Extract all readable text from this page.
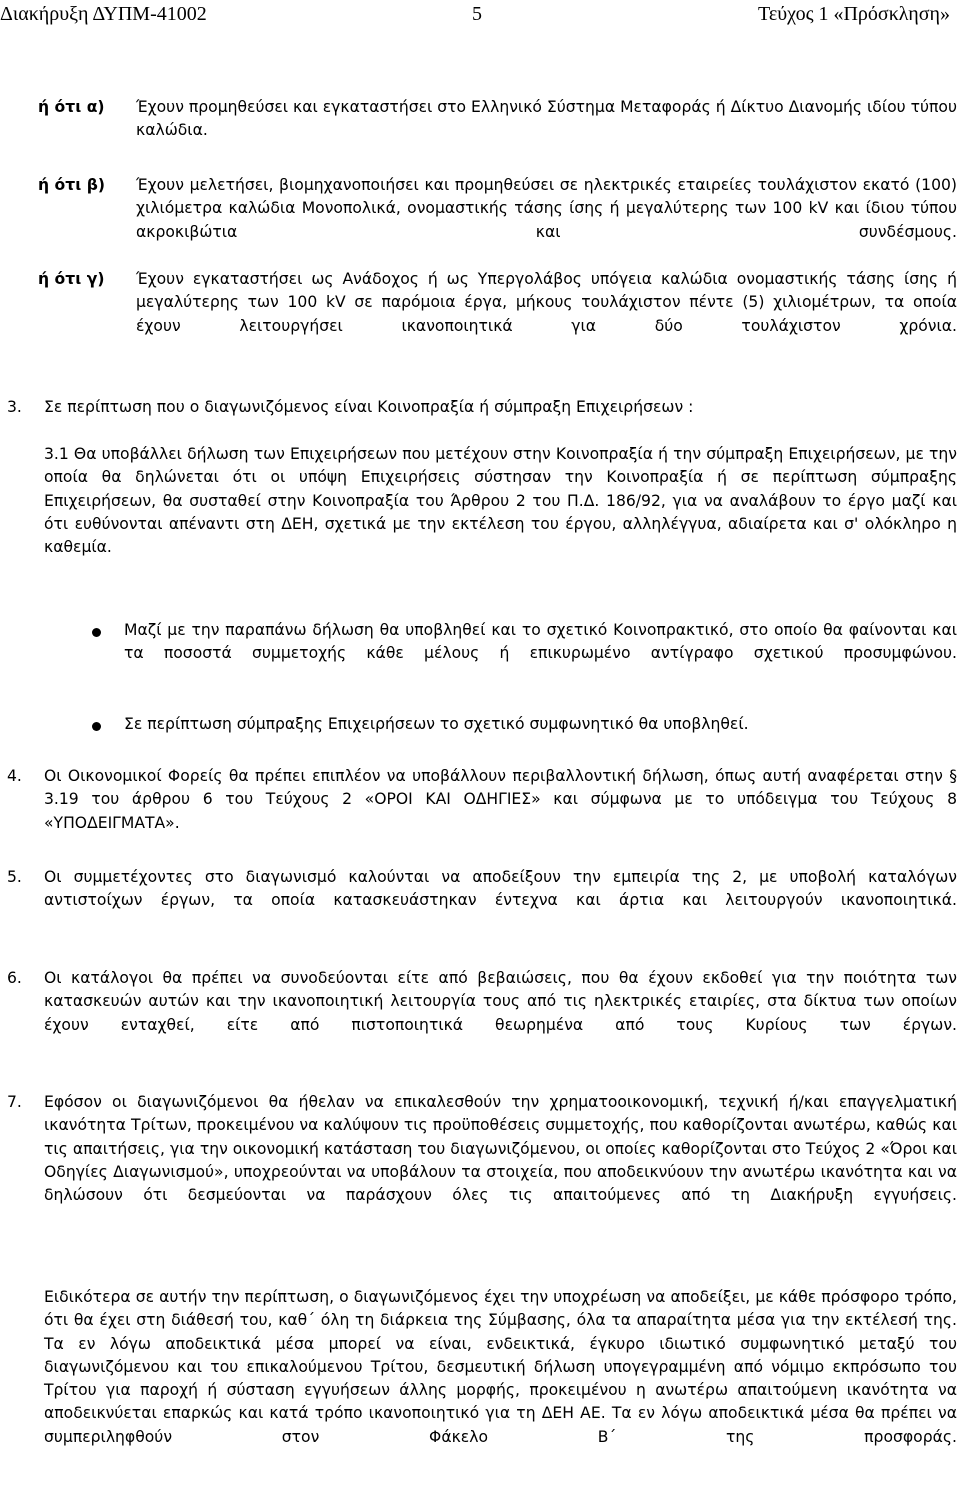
Διακήρυξη ΔΥΠΜ-41002	5	Τεύχος 1 «Πρόσκληση»
ή ότι α) Έχουν προμηθεύσει και εγκαταστήσει στο Ελληνικό Σύστημα Μεταφοράς ή Δίκτυο Διανομής ιδίου τύπου καλώδια.
ή ότι β) Έχουν μελετήσει, βιομηχανοποιήσει και προμηθεύσει σε ηλεκτρικές εταιρείες τουλάχιστον εκατό (100) χιλιόμετρα καλώδια Mονοπολικά, ονομαστικής τάσης ίσης ή μεγαλύτερης των 100 kV και ίδιου τύπου ακροκιβώτια και συνδέσμους.
ή ότι γ) Έχουν εγκαταστήσει ως Ανάδοχος ή ως Υπεργολάβος υπόγεια καλώδια ονομαστικής τάσης ίσης ή μεγαλύτερης των 100 kV σε παρόμοια έργα, μήκους τουλάχιστον πέντε (5) χιλιομέτρων, τα οποία έχουν λειτουργήσει ικανοποιητικά για δύο τουλάχιστον χρόνια.
3. Σε περίπτωση που ο διαγωνιζόμενος είναι Κοινοπραξία ή σύμπραξη Επιχειρήσεων :
3.1 Θα υποβάλλει δήλωση των Επιχειρήσεων που μετέχουν στην Κοινοπραξία ή την σύμπραξη Επιχειρήσεων, με την οποία θα δηλώνεται ότι οι υπόψη Επιχειρήσεις σύστησαν την Κοινοπραξία ή σε περίπτωση σύμπραξης Επιχειρήσεων, θα συσταθεί στην Κοινοπραξία του Άρθρου 2 του Π.Δ. 186/92, για να αναλάβουν το έργο μαζί και ότι ευθύνονται απέναντι στη ΔΕΗ, σχετικά με την εκτέλεση του έργου, αλληλέγγυα, αδιαίρετα και σ' ολόκληρο η καθεμία.
Μαζί με την παραπάνω δήλωση θα υποβληθεί και το σχετικό Κοινοπρακτικό, στο οποίο θα φαίνονται και τα ποσοστά συμμετοχής κάθε μέλους ή επικυρωμένο αντίγραφο σχετικού προσυμφώνου.
Σε περίπτωση σύμπραξης Επιχειρήσεων το σχετικό συμφωνητικό θα υποβληθεί.
4. Οι Οικονομικοί Φορείς θα πρέπει επιπλέον να υποβάλλουν περιβαλλοντική δήλωση, όπως αυτή αναφέρεται στην § 3.19 του άρθρου 6 του Τεύχους 2 «ΟΡΟΙ ΚΑΙ ΟΔΗΓΙΕΣ» και σύμφωνα με το υπόδειγμα του Τεύχους 8 «ΥΠΟΔΕΙΓΜΑΤΑ».
5. Οι συμμετέχοντες στο διαγωνισμό καλούνται να αποδείξουν την εμπειρία της 2, με υποβολή καταλόγων αντιστοίχων έργων, τα οποία κατασκευάστηκαν έντεχνα και άρτια και λειτουργούν ικανοποιητικά.
6. Οι κατάλογοι θα πρέπει να συνοδεύονται είτε από βεβαιώσεις, που θα έχουν εκδοθεί για την ποιότητα των κατασκευών αυτών και την ικανοποιητική λειτουργία τους από τις ηλεκτρικές εταιρίες, στα δίκτυα των οποίων έχουν ενταχθεί, είτε από πιστοποιητικά θεωρημένα από τους Κυρίους των έργων.
7. Εφόσον οι διαγωνιζόμενοι θα ήθελαν να επικαλεσθούν την χρηματοοικονομική, τεχνική ή/και επαγγελματική ικανότητα Τρίτων, προκειμένου να καλύψουν τις προϋποθέσεις συμμετοχής, που καθορίζονται ανωτέρω, καθώς και τις απαιτήσεις, για την οικονομική κατάσταση του διαγωνιζόμενου, οι οποίες καθορίζονται στο Τεύχος 2 «Όροι και Οδηγίες Διαγωνισμού», υποχρεούνται να υποβάλουν τα στοιχεία, που αποδεικνύουν την ανωτέρω ικανότητα και να δηλώσουν ότι δεσμεύονται να παράσχουν όλες τις απαιτούμενες από τη Διακήρυξη εγγυήσεις.
Ειδικότερα σε αυτήν την περίπτωση, ο διαγωνιζόμενος έχει την υποχρέωση να αποδείξει, με κάθε πρόσφορο τρόπο, ότι θα έχει στη διάθεσή του, καθ΄ όλη τη διάρκεια της Σύμβασης, όλα τα απαραίτητα μέσα για την εκτέλεσή της. Τα εν λόγω αποδεικτικά μέσα μπορεί να είναι, ενδεικτικά, έγκυρο ιδιωτικό συμφωνητικό μεταξύ του διαγωνιζόμενου και του επικαλούμενου Τρίτου, δεσμευτική δήλωση υπογεγραμμένη από νόμιμο εκπρόσωπο του Τρίτου για παροχή ή σύσταση εγγυήσεων άλλης μορφής, προκειμένου η ανωτέρω απαιτούμενη ικανότητα να αποδεικνύεται επαρκώς και κατά τρόπο ικανοποιητικό για τη ΔΕΗ ΑΕ. Τα εν λόγω αποδεικτικά μέσα θα πρέπει να συμπεριληφθούν στον Φάκελο Β΄ της προσφοράς.
